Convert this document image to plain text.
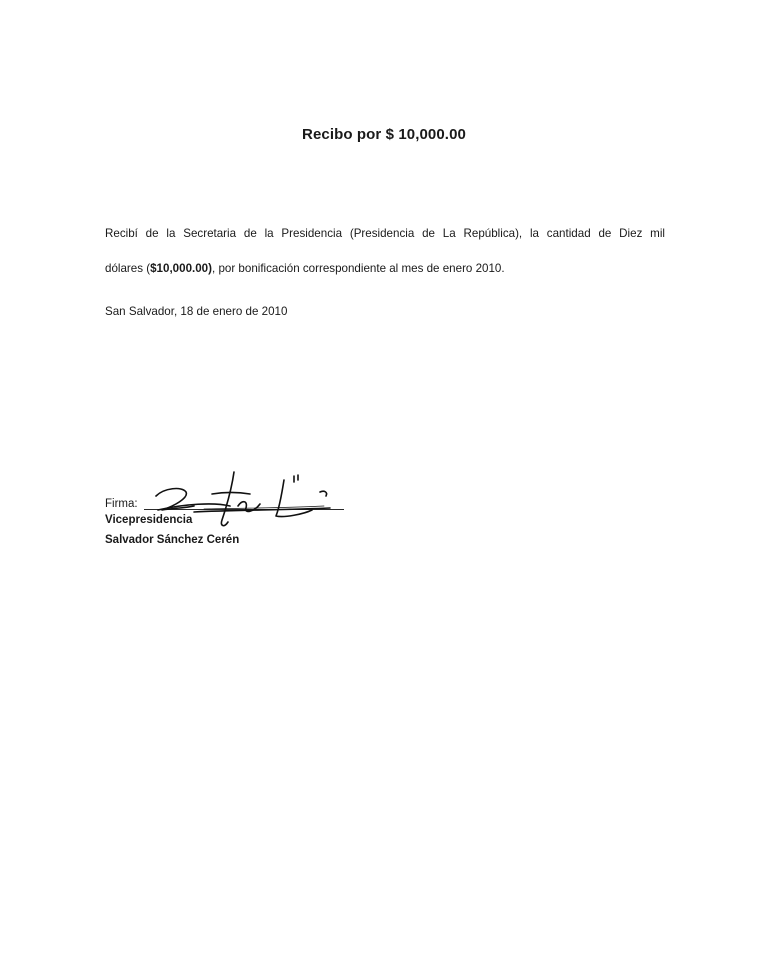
Recibo por $ 10,000.00
Recibí de la Secretaria de la Presidencia (Presidencia de La República), la cantidad de Diez mil
dólares ($10,000.00), por bonificación correspondiente al mes de enero 2010.
San Salvador, 18 de enero de 2010
Firma:
Vicepresidencia
Salvador Sánchez Cerén
